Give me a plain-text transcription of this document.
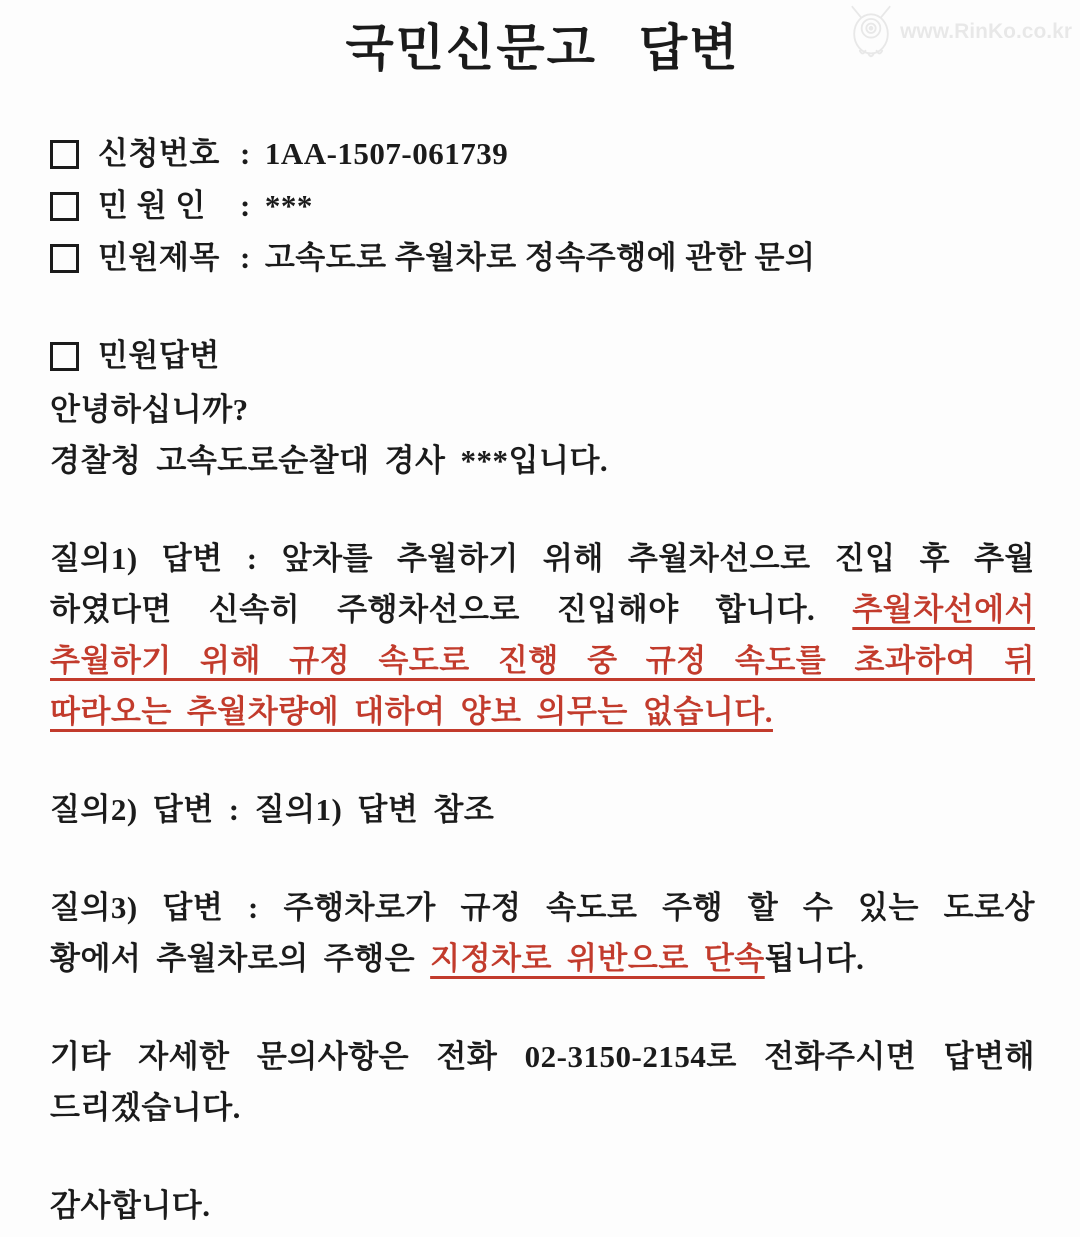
www.RinKo.co.kr
국민신문고 답변
신청번호 : 1AA-1507-061739
민 원 인	: ***
민원제목 : 고속도로 추월차로 정속주행에 관한 문의
민원답변
안녕하십니까?
경찰청 고속도로순찰대 경사 ***입니다.
질의1) 답변 : 앞차를 추월하기 위해 추월차선으로 진입 후 추월
하였다면 신속히 주행차선으로 진입해야 합니다. 추월차선에서
추월하기 위해 규정 속도로 진행 중 규정 속도를 초과하여 뒤
따라오는 추월차량에 대하여 양보 의무는 없습니다.
질의2) 답변 : 질의1) 답변 참조
질의3) 답변 : 주행차로가 규정 속도로 주행 할 수 있는 도로상
황에서 추월차로의 주행은 지정차로 위반으로 단속됩니다.
기타 자세한 문의사항은 전화 02-3150-2154로 전화주시면 답변해
드리겠습니다.
감사합니다.
